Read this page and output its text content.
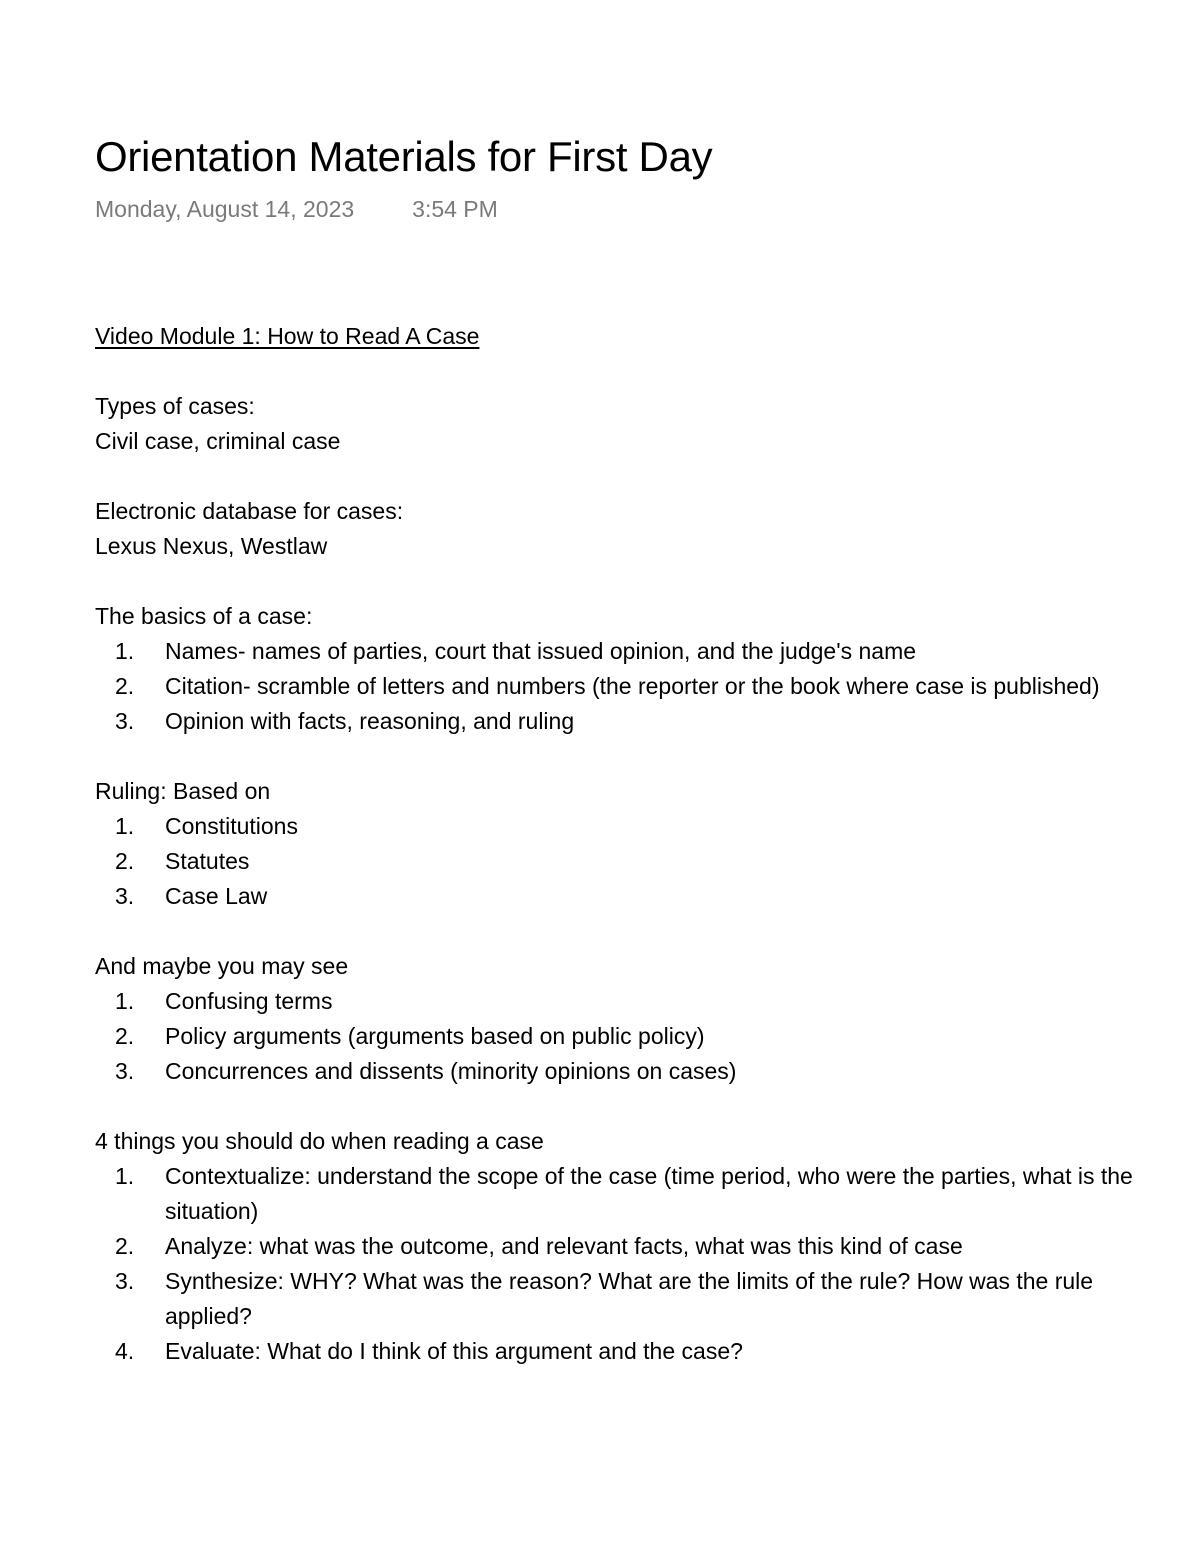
Orientation Materials for First Day
Monday, August 14, 2023	3:54 PM
Video Module 1: How to Read A Case
Types of cases:
Civil case, criminal case
Electronic database for cases:
Lexus Nexus, Westlaw
The basics of a case:
1.	Names- names of parties, court that issued opinion, and the judge's name
2.	Citation- scramble of letters and numbers (the reporter or the book where case is published)
3.	Opinion with facts, reasoning, and ruling
Ruling: Based on
1.	Constitutions
2.	Statutes
3.	Case Law
And maybe you may see
1.	Confusing terms
2.	Policy arguments (arguments based on public policy)
3.	Concurrences and dissents (minority opinions on cases)
4 things you should do when reading a case
1.	Contextualize: understand the scope of the case (time period, who were the parties, what is the situation)
2.	Analyze: what was the outcome, and relevant facts, what was this kind of case
3.	Synthesize: WHY? What was the reason? What are the limits of the rule? How was the rule applied?
4.	Evaluate: What do I think of this argument and the case?
